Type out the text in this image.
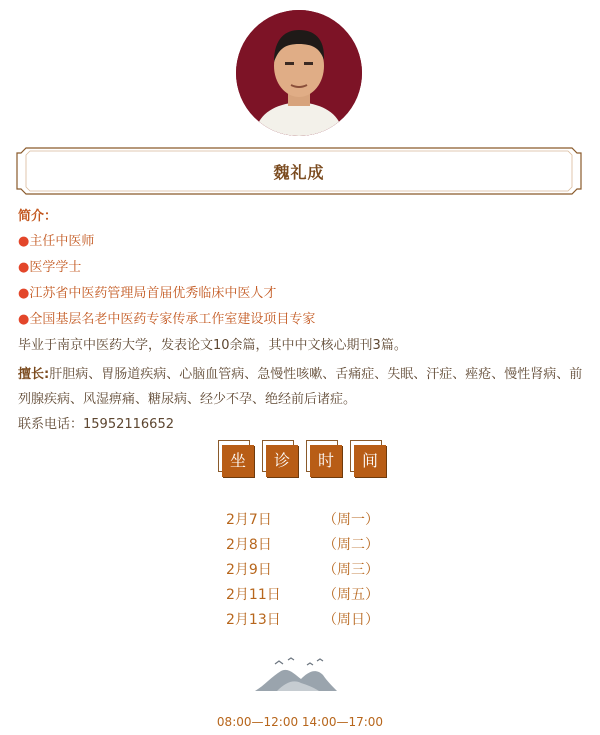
魏礼成
简介：
●主任中医师
●医学学士
●江苏省中医药管理局首届优秀临床中医人才
●全国基层名老中医药专家传承工作室建设项目专家
毕业于南京中医药大学，发表论文10余篇，其中中文核心期刊3篇。
擅长:肝胆病、胃肠道疾病、心脑血管病、急慢性咳嗽、舌痛症、失眠、汗症、痤疮、慢性肾病、前列腺疾病、风湿痹痛、糖尿病、经少不孕、绝经前后诸症。
联系电话：15952116652
坐	诊	时	间
2月7日	（周一）
2月8日	（周二）
2月9日	（周三）
2月11日	（周五）
2月13日	（周日）
08:00—12:00 14:00—17:00
